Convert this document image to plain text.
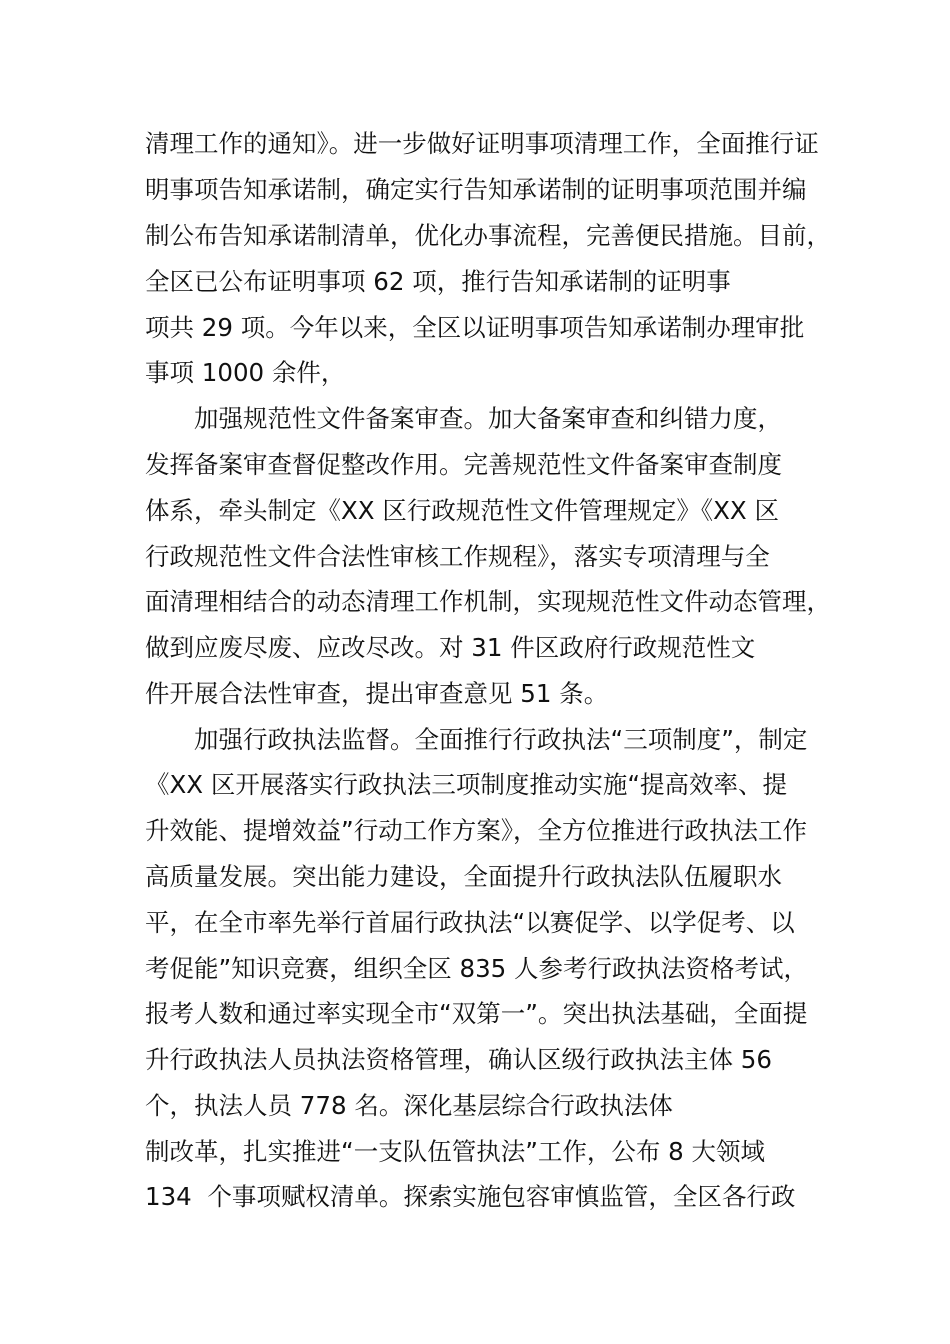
清理工作的通知》。进一步做好证明事项清理工作，全面推行证
明事项告知承诺制，确定实行告知承诺制的证明事项范围并编
制公布告知承诺制清单，优化办事流程，完善便民措施。目前，
全区已公布证明事项 62 项，推行告知承诺制的证明事
项共 29 项。今年以来，全区以证明事项告知承诺制办理审批
事项 1000 余件，
加强规范性文件备案审查。加大备案审查和纠错力度，
发挥备案审查督促整改作用。完善规范性文件备案审查制度
体系，牵头制定《XX 区行政规范性文件管理规定》《XX 区
行政规范性文件合法性审核工作规程》，落实专项清理与全
面清理相结合的动态清理工作机制，实现规范性文件动态管理，
做到应废尽废、应改尽改。对 31 件区政府行政规范性文
件开展合法性审查，提出审查意见 51 条。
加强行政执法监督。全面推行行政执法“三项制度”，制定
《XX 区开展落实行政执法三项制度推动实施“提高效率、提
升效能、提增效益”行动工作方案》，全方位推进行政执法工作
高质量发展。突出能力建设，全面提升行政执法队伍履职水
平，在全市率先举行首届行政执法“以赛促学、以学促考、以
考促能”知识竞赛，组织全区 835 人参考行政执法资格考试，
报考人数和通过率实现全市“双第一”。突出执法基础，全面提
升行政执法人员执法资格管理，确认区级行政执法主体 56
个，执法人员 778 名。深化基层综合行政执法体
制改革，扎实推进“一支队伍管执法”工作，公布 8 大领域
134  个事项赋权清单。探索实施包容审慎监管，全区各行政
